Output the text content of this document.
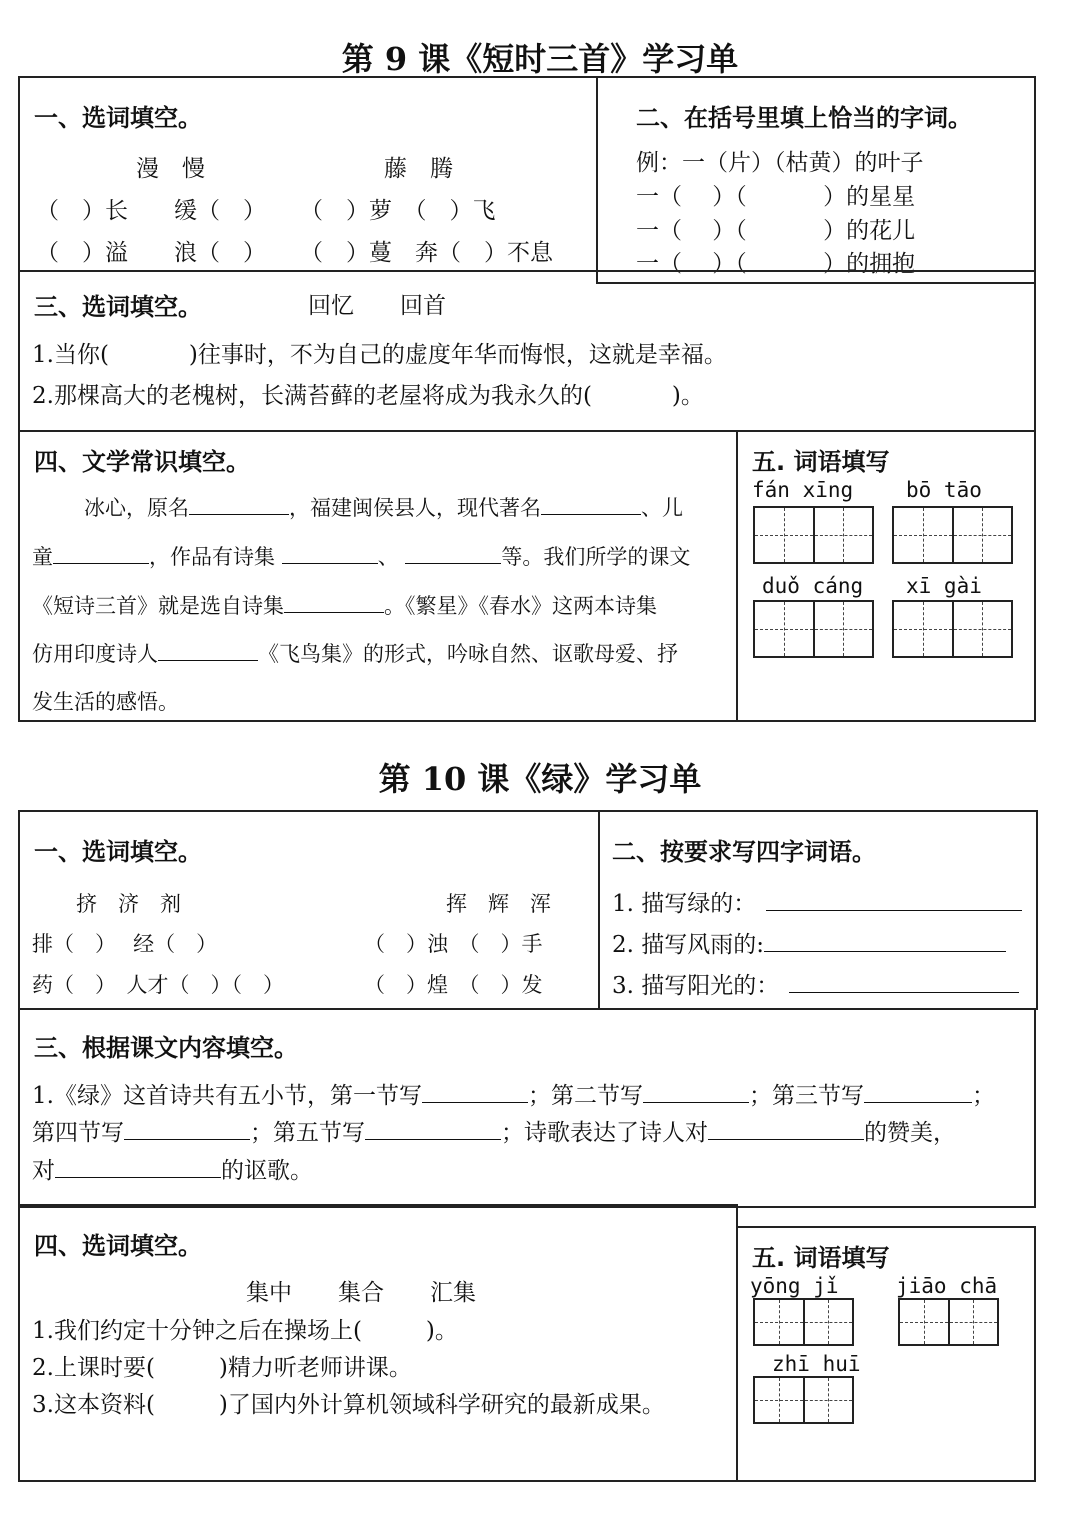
第 9 课《短时三首》学习单
一、选词填空。
漫　慢	藤　腾
（　）长　　缓（　） （　）萝　（　）飞
（　）溢　　浪（　） （　）蔓　奔（　）不息
二、在括号里填上恰当的字词。
例：一（片）（枯黄）的叶子
一（　 ）（　　　 ）的星星
一（　 ）（　　　 ）的花儿
一（　 ）（　　　 ）的拥抱
三、选词填空。	回忆　　回首
1.当你(	)往事时，不为自己的虚度年华而悔恨，这就是幸福。
2.那棵高大的老槐树，长满苔藓的老屋将成为我永久的(	)。
四、文学常识填空。
冰心，原名	，福建闽侯县人，现代著名	、儿
童	，作品有诗集	、	等。我们所学的课文
《短诗三首》就是选自诗集	。《繁星》《春水》这两本诗集
仿用印度诗人	《飞鸟集》的形式，吟咏自然、讴歌母爱、抒
发生活的感悟。
五. 词语填写
fán xīng	bō tāo
duǒ cáng xī gài
第 10 课《绿》学习单
一、选词填空。
挤　济　剂	挥　辉　浑
排（　）　 经（　）	（　）浊　（　）手
药（　）　人才（　）（　）	（　）煌　（　）发
二、按要求写四字词语。
1. 描写绿的：
2. 描写风雨的:
3. 描写阳光的：
三、根据课文内容填空。
1.《绿》这首诗共有五小节，第一节写	；第二节写	；第三节写	；
第四节写	；第五节写	；诗歌表达了诗人对	的赞美，
对	的讴歌。
四、选词填空。
集中　　集合　　汇集
1.我们约定十分钟之后在操场上(	)。
2.上课时要(	)精力听老师讲课。
3.这本资料(	)了国内外计算机领域科学研究的最新成果。
五. 词语填写
yōng jǐ	jiāo chā
zhī huī
